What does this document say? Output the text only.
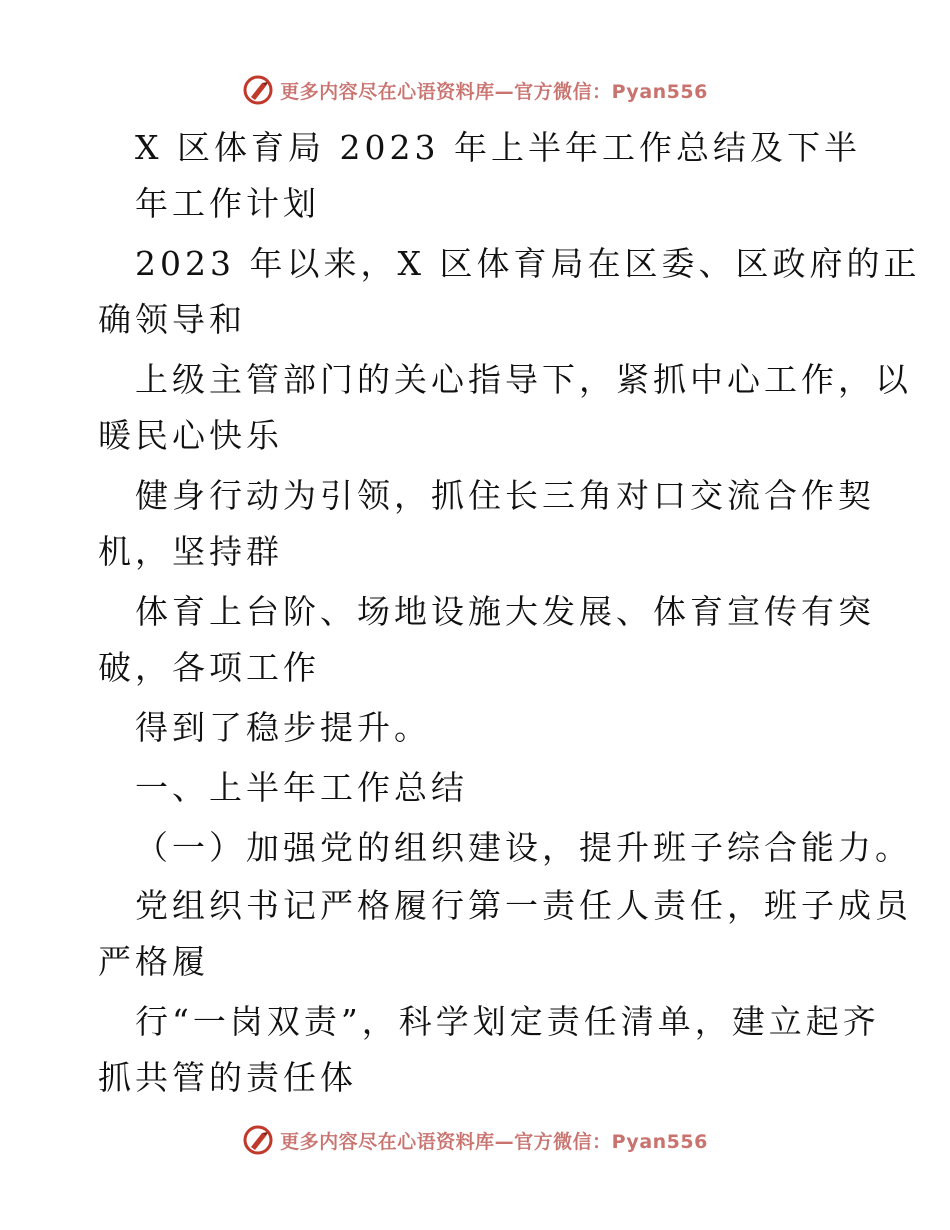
更多内容尽在心语资料库—官方微信：Pyan556
X 区体育局 2023 年上半年工作总结及下半
年工作计划
2023 年以来，X 区体育局在区委、区政府的正
确领导和
上级主管部门的关心指导下，紧抓中心工作，以
暖民心快乐
健身行动为引领，抓住长三角对口交流合作契
机，坚持群
体育上台阶、场地设施大发展、体育宣传有突
破，各项工作
得到了稳步提升。
一、上半年工作总结
（一）加强党的组织建设，提升班子综合能力。
党组织书记严格履行第一责任人责任，班子成员
严格履
行“一岗双责”，科学划定责任清单，建立起齐
抓共管的责任体
更多内容尽在心语资料库—官方微信：Pyan556
